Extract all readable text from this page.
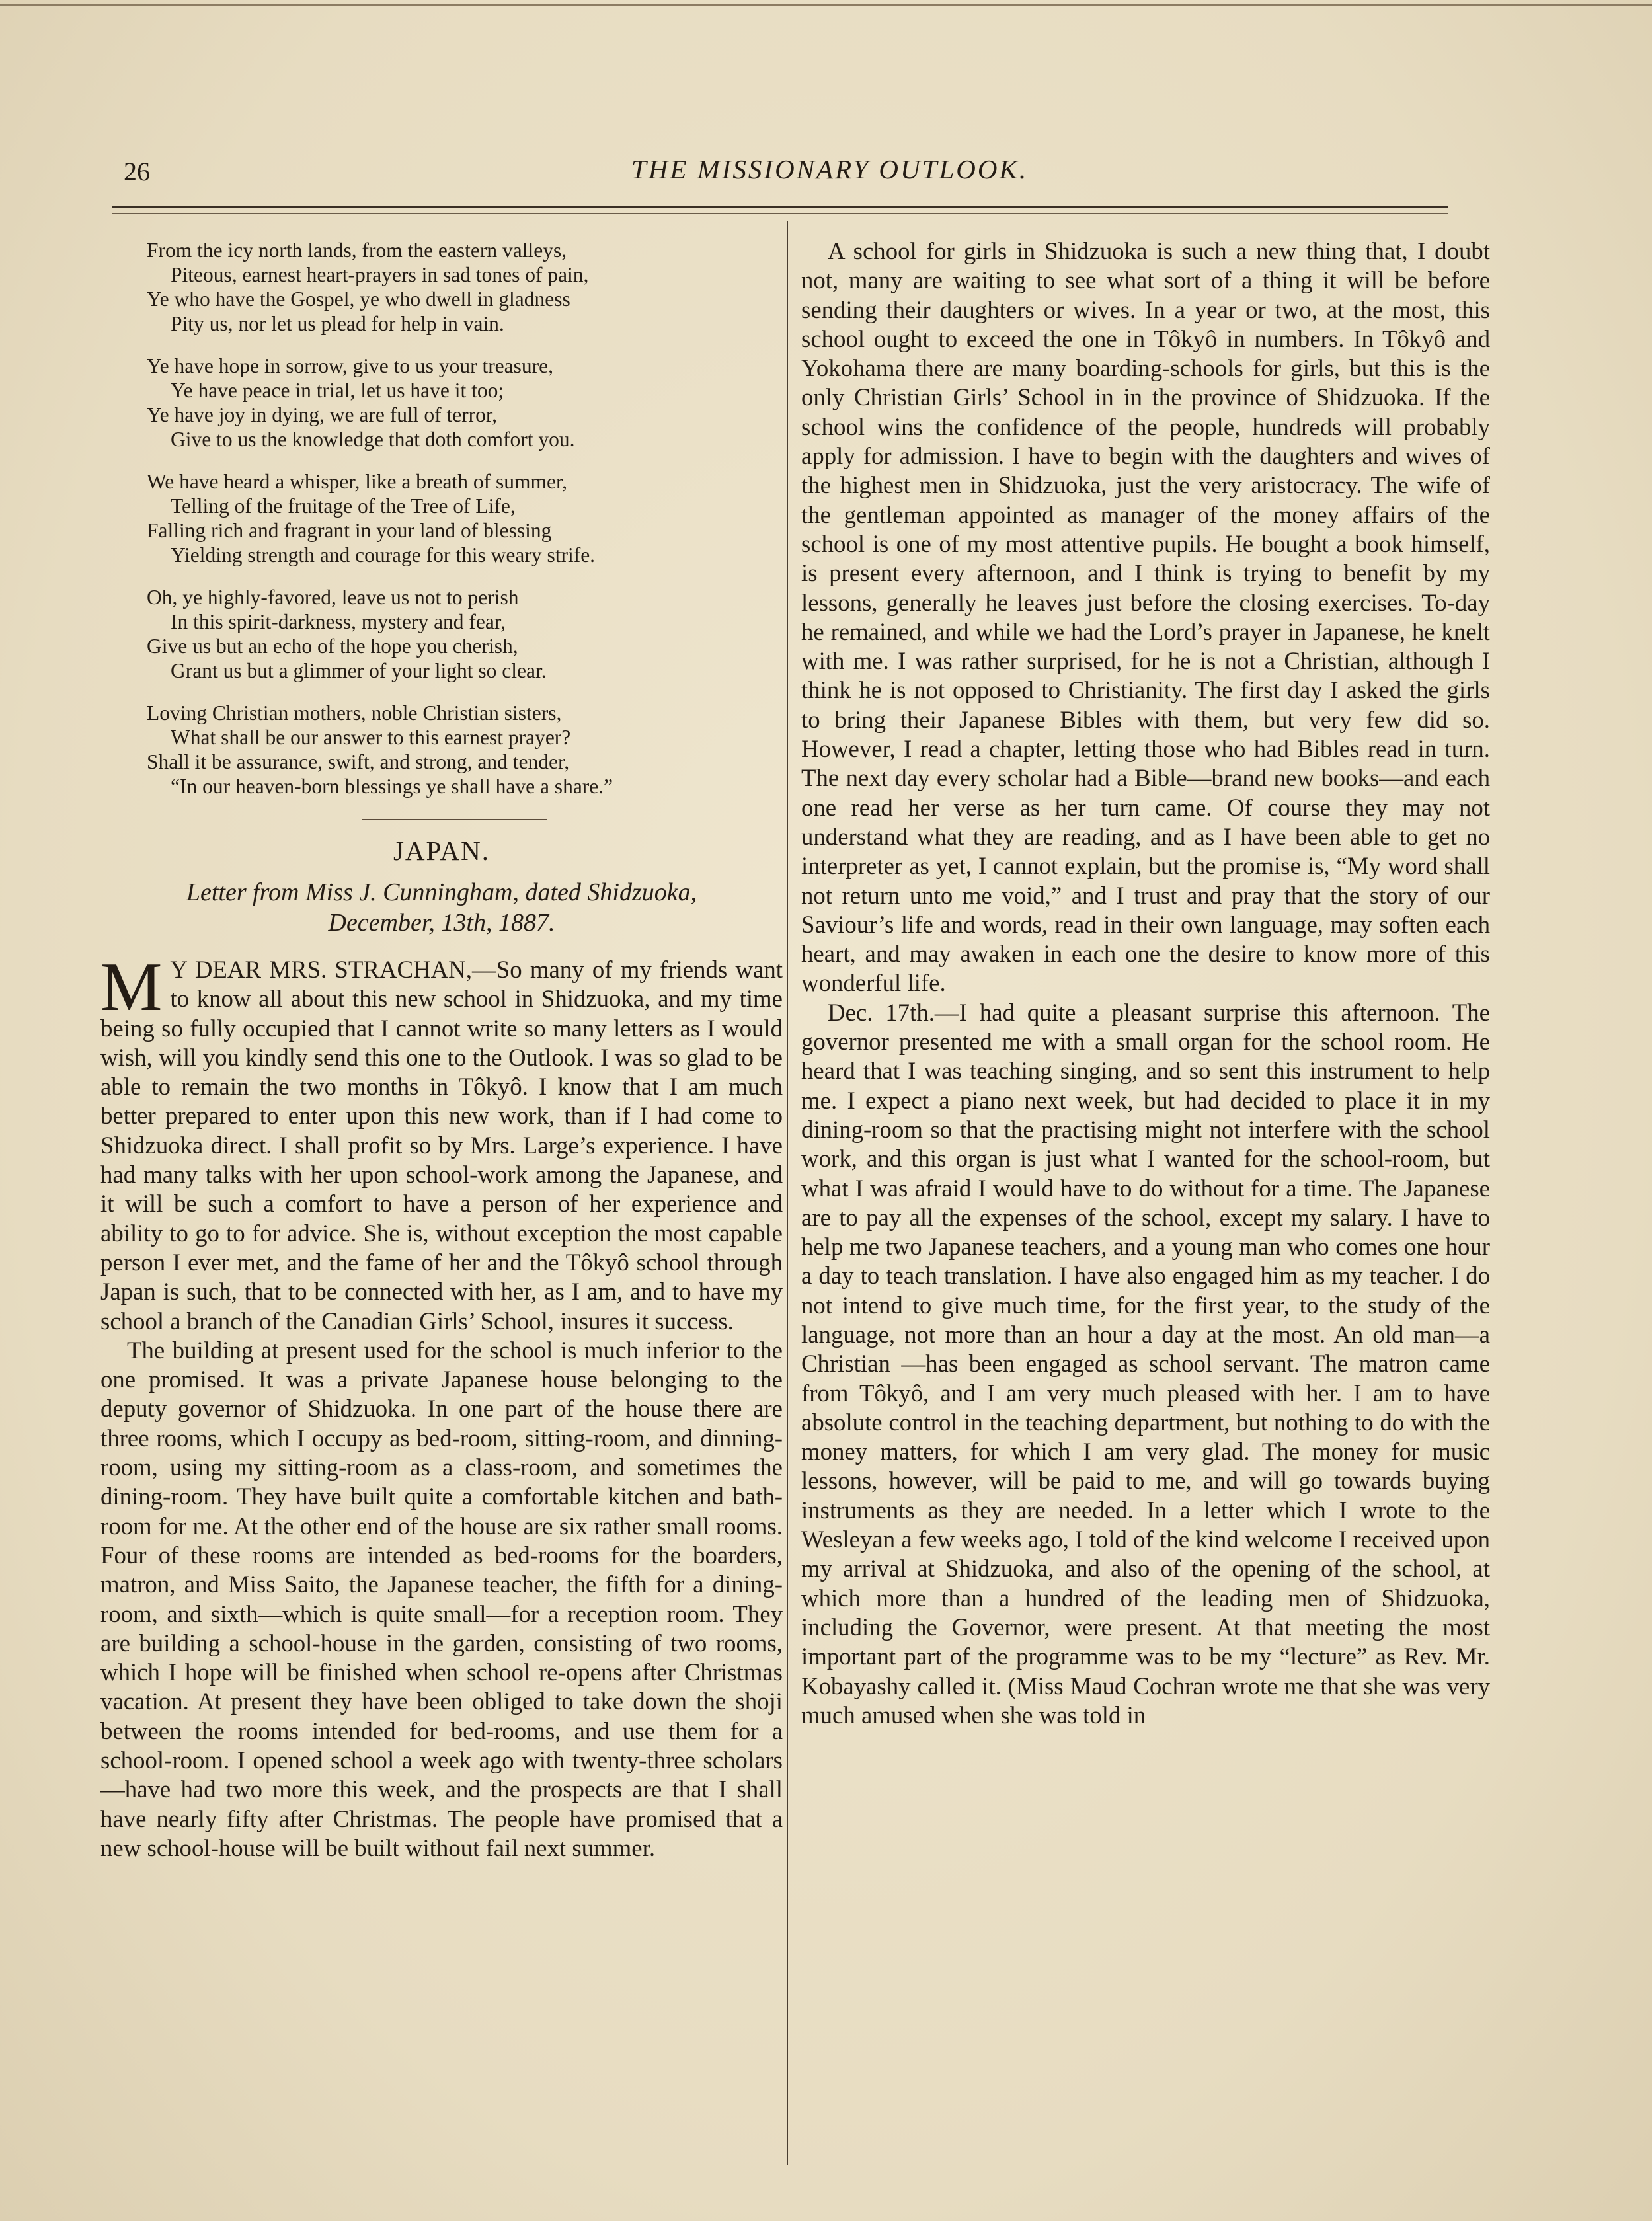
26	THE MISSIONARY OUTLOOK.
From the icy north lands, from the eastern valleys,
Piteous, earnest heart-prayers in sad tones of pain,
Ye who have the Gospel, ye who dwell in gladness
Pity us, nor let us plead for help in vain.
Ye have hope in sorrow, give to us your treasure,
Ye have peace in trial, let us have it too;
Ye have joy in dying, we are full of terror,
Give to us the knowledge that doth comfort you.
We have heard a whisper, like a breath of summer,
Telling of the fruitage of the Tree of Life,
Falling rich and fragrant in your land of blessing
Yielding strength and courage for this weary strife.
Oh, ye highly-favored, leave us not to perish
In this spirit-darkness, mystery and fear,
Give us but an echo of the hope you cherish,
Grant us but a glimmer of your light so clear.
Loving Christian mothers, noble Christian sisters,
What shall be our answer to this earnest prayer?
Shall it be assurance, swift, and strong, and tender,
“In our heaven-born blessings ye shall have a share.”
JAPAN.
Letter from Miss J. Cunningham, dated Shidzuoka,
December, 13th, 1887.

M Y DEAR MRS. STRACHAN,—So many of my friends want to know all about this new school in Shidzuoka, and my time being so fully occupied that I cannot write so many letters as I would wish, will you kindly send this one to the Outlook. I was so glad to be able to remain the two months in Tôkyô. I know that I am much better prepared to enter upon this new work, than if I had come to Shidzuoka direct. I shall profit so by Mrs. Large’s experience. I have had many talks with her upon school-work among the Japanese, and it will be such a comfort to have a person of her experience and ability to go to for advice. She is, without exception the most capable person I ever met, and the fame of her and the Tôkyô school through Japan is such, that to be connected with her, as I am, and to have my school a branch of the Canadian Girls’ School, insures it success.

The building at present used for the school is much inferior to the one promised. It was a private Japanese house belonging to the deputy governor of Shidzuoka. In one part of the house there are three rooms, which I occupy as bed-room, sitting-room, and dinning-room, using my sitting-room as a class-room, and sometimes the dining-room. They have built quite a comfortable kitchen and bath-room for me. At the other end of the house are six rather small rooms. Four of these rooms are intended as bed-rooms for the boarders, matron, and Miss Saito, the Japanese teacher, the fifth for a dining-room, and sixth—which is quite small—for a reception room. They are building a school-house in the garden, consisting of two rooms, which I hope will be finished when school re-opens after Christmas vacation. At present they have been obliged to take down the shoji between the rooms intended for bed-rooms, and use them for a school-room. I opened school a week ago with twenty-three scholars —have had two more this week, and the prospects are that I shall have nearly fifty after Christmas. The people have promised that a new school-house will be built without fail next summer.

A school for girls in Shidzuoka is such a new thing that, I doubt not, many are waiting to see what sort of a thing it will be before sending their daughters or wives. In a year or two, at the most, this school ought to exceed the one in Tôkyô in numbers. In Tôkyô and Yokohama there are many boarding-schools for girls, but this is the only Christian Girls’ School in in the province of Shidzuoka. If the school wins the confidence of the people, hundreds will probably apply for admission. I have to begin with the daughters and wives of the highest men in Shidzuoka, just the very aristocracy. The wife of the gentleman appointed as manager of the money affairs of the school is one of my most attentive pupils. He bought a book himself, is present every afternoon, and I think is trying to benefit by my lessons, generally he leaves just before the closing exercises. To-day he remained, and while we had the Lord’s prayer in Japanese, he knelt with me. I was rather surprised, for he is not a Christian, although I think he is not opposed to Christianity. The first day I asked the girls to bring their Japanese Bibles with them, but very few did so. However, I read a chapter, letting those who had Bibles read in turn. The next day every scholar had a Bible—brand new books—and each one read her verse as her turn came. Of course they may not understand what they are reading, and as I have been able to get no interpreter as yet, I cannot explain, but the promise is, “My word shall not return unto me void,” and I trust and pray that the story of our Saviour’s life and words, read in their own language, may soften each heart, and may awaken in each one the desire to know more of this wonderful life.

Dec. 17th.—I had quite a pleasant surprise this afternoon. The governor presented me with a small organ for the school room. He heard that I was teaching singing, and so sent this instrument to help me. I expect a piano next week, but had decided to place it in my dining-room so that the practising might not interfere with the school work, and this organ is just what I wanted for the school-room, but what I was afraid I would have to do without for a time. The Japanese are to pay all the expenses of the school, except my salary. I have to help me two Japanese teachers, and a young man who comes one hour a day to teach translation. I have also engaged him as my teacher. I do not intend to give much time, for the first year, to the study of the language, not more than an hour a day at the most. An old man—a Christian —has been engaged as school servant. The matron came from Tôkyô, and I am very much pleased with her. I am to have absolute control in the teaching department, but nothing to do with the money matters, for which I am very glad. The money for music lessons, however, will be paid to me, and will go towards buying instruments as they are needed. In a letter which I wrote to the Wesleyan a few weeks ago, I told of the kind welcome I received upon my arrival at Shidzuoka, and also of the opening of the school, at which more than a hundred of the leading men of Shidzuoka, including the Governor, were present. At that meeting the most important part of the programme was to be my “lecture” as Rev. Mr. Kobayashy called it. (Miss Maud Cochran wrote me that she was very much amused when she was told in
